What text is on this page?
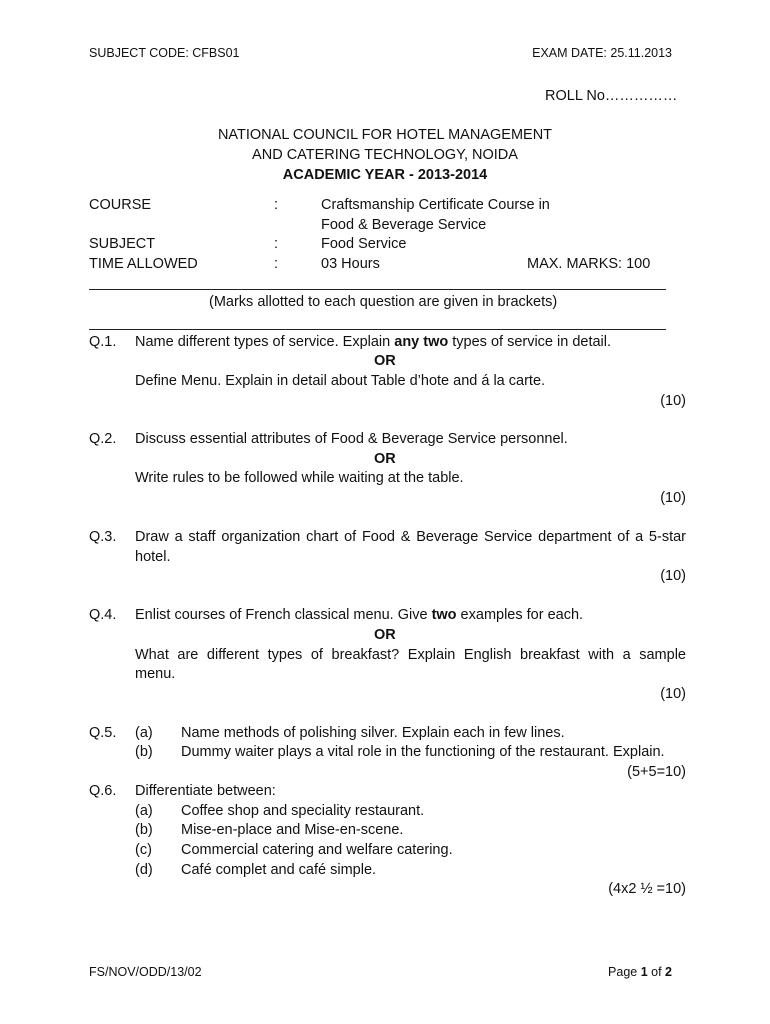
SUBJECT CODE: CFBS01	EXAM DATE: 25.11.2013
ROLL No……………
NATIONAL COUNCIL FOR HOTEL MANAGEMENT
AND CATERING TECHNOLOGY, NOIDA
ACADEMIC YEAR - 2013-2014
COURSE	:	Craftsmanship Certificate Course in
Food & Beverage Service
SUBJECT	:	Food Service
TIME ALLOWED	:	03 Hours	MAX. MARKS: 100
(Marks allotted to each question are given in brackets)
Q.1. Name different types of service. Explain any two types of service in detail.
OR
Define Menu. Explain in detail about Table d’hote and á la carte.
(10)
Q.2. Discuss essential attributes of Food & Beverage Service personnel.
OR
Write rules to be followed while waiting at the table.
(10)
Q.3. Draw a staff organization chart of Food & Beverage Service department of a 5-star
hotel.
(10)
Q.4. Enlist courses of French classical menu. Give two examples for each.
OR
What are different types of breakfast? Explain English breakfast with a sample
menu.
(10)
Q.5. (a) Name methods of polishing silver. Explain each in few lines.
(b) Dummy waiter plays a vital role in the functioning of the restaurant. Explain.
(5+5=10)
Q.6. Differentiate between:
(a) Coffee shop and speciality restaurant.
(b) Mise-en-place and Mise-en-scene.
(c) Commercial catering and welfare catering.
(d) Café complet and café simple.
(4x2 ½ =10)
FS/NOV/ODD/13/02	Page 1 of 2
